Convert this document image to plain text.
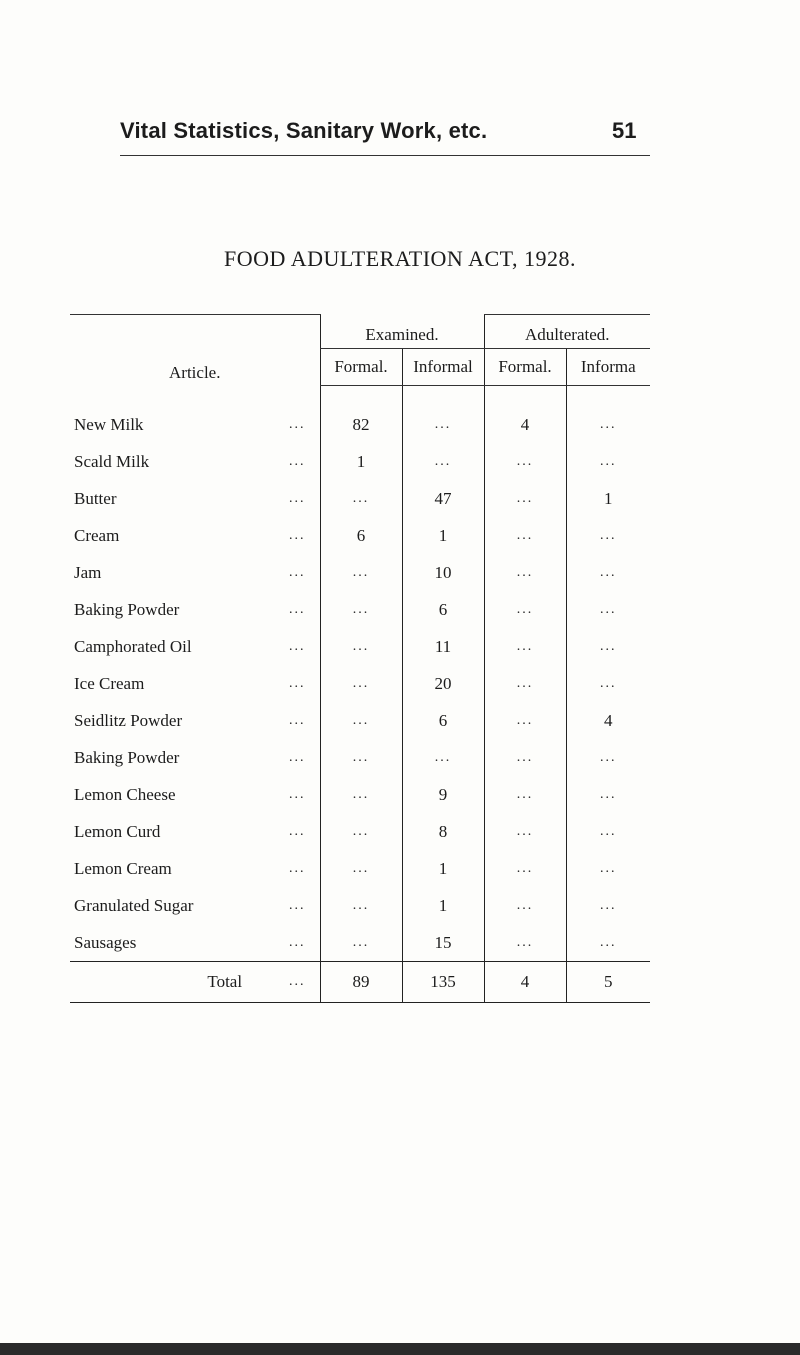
Vital Statistics, Sanitary Work, etc.	51
FOOD ADULTERATION ACT, 1928.
Article.	Examined.		Adulterated.	
	Formal.	Informal	Formal.	Informa

New Milk ...	82	...	4	...
Scald Milk ...	1	...	...	...
Butter ...	...	47	...	1
Cream ...	6	1	...	...
Jam ...	...	10	...	...
Baking Powder ...	...	6	...	...
Camphorated Oil ...	...	11	...	...
Ice Cream ...	...	20	...	...
Seidlitz Powder ...	...	6	...	4
Baking Powder ...	...	...	...	...
Lemon Cheese ...	...	9	...	...
Lemon Curd ...	...	8	...	...
Lemon Cream ...	...	1	...	...
Granulated Sugar ...	...	1	...	...
Sausages ...	...	15	...	...
Total ...	89	135	4	5
